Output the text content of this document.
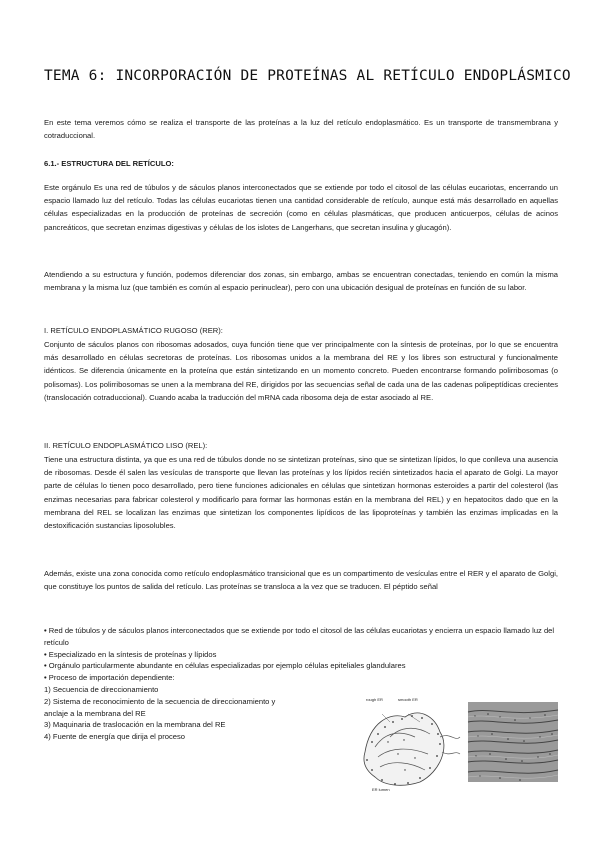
TEMA 6: INCORPORACIÓN DE PROTEÍNAS AL RETÍCULO ENDOPLÁSMICO

En este tema veremos cómo se realiza el transporte de las proteínas a la luz del retículo endoplasmático. Es un transporte de transmembrana y cotraduccional.

6.1.- ESTRUCTURA DEL RETÍCULO:

Este orgánulo Es una red de túbulos y de sáculos planos interconectados que se extiende por todo el citosol de las células eucariotas, encerrando un espacio llamado luz del retículo. Todas las células eucariotas tienen una cantidad considerable de retículo, aunque está más desarrollado en aquellas células especializadas en la producción de proteínas de secreción (como en células plasmáticas, que producen anticuerpos, células de acinos pancreáticos, que secretan enzimas digestivas y células de los islotes de Langerhans, que secretan insulina y glucagón).

Atendiendo a su estructura y función, podemos diferenciar dos zonas, sin embargo, ambas se encuentran conectadas, teniendo en común la misma membrana y la misma luz (que también es común al espacio perinuclear), pero con una ubicación desigual de proteínas en función de su labor.

I. RETÍCULO ENDOPLASMÁTICO RUGOSO (RER):

Conjunto de sáculos planos con ribosomas adosados, cuya función tiene que ver principalmente con la síntesis de proteínas, por lo que se encuentra más desarrollado en células secretoras de proteínas. Los ribosomas unidos a la membrana del RE y los libres son estructural y funcionalmente idénticos. Se diferencia únicamente en la proteína que están sintetizando en un momento concreto. Pueden encontrarse formando polirribosomas (o polisomas). Los polirribosomas se unen a la membrana del RE, dirigidos por las secuencias señal de cada una de las cadenas polipeptídicas crecientes (translocación cotraduccional). Cuando acaba la traducción del mRNA cada ribosoma deja de estar asociado al RE.

II. RETÍCULO ENDOPLASMÁTICO LISO (REL):

Tiene una estructura distinta, ya que es una red de túbulos donde no se sintetizan proteínas, sino que se sintetizan lípidos, lo que conlleva una ausencia de ribosomas. Desde él salen las vesículas de transporte que llevan las proteínas y los lípidos recién sintetizados hacia el aparato de Golgi. La mayor parte de células lo tienen poco desarrollado, pero tiene funciones adicionales en células que sintetizan hormonas esteroides a partir del colesterol (las enzimas necesarias para fabricar colesterol y modificarlo para formar las hormonas están en la membrana del REL) y en hepatocitos dado que en la membrana del REL se localizan las enzimas que sintetizan los componentes lipídicos de las lipoproteínas y también las enzimas implicadas en la destoxificación sustancias liposolubles.

Además, existe una zona conocida como retículo endoplasmático transicional que es un compartimento de vesículas entre el RER y el aparato de Golgi, que constituye los puntos de salida del retículo. Las proteínas se transloca a la vez que se traducen. El péptido señal

• Red de túbulos y de sáculos planos interconectados que se extiende por todo el citosol de las células eucariotas y encierra un espacio llamado luz del retículo
• Especializado en la síntesis de proteínas y lípidos
• Orgánulo particularmente abundante en células especializadas por ejemplo células epiteliales glandulares
• Proceso de importación dependiente:
1) Secuencia de direccionamiento
2) Sistema de reconocimiento de la secuencia de direccionamiento y
anclaje a la membrana del RE
3) Maquinaria de traslocación en la membrana del RE
4) Fuente de energía que dirija el proceso
rough ER	smooth ER
ER lumen
